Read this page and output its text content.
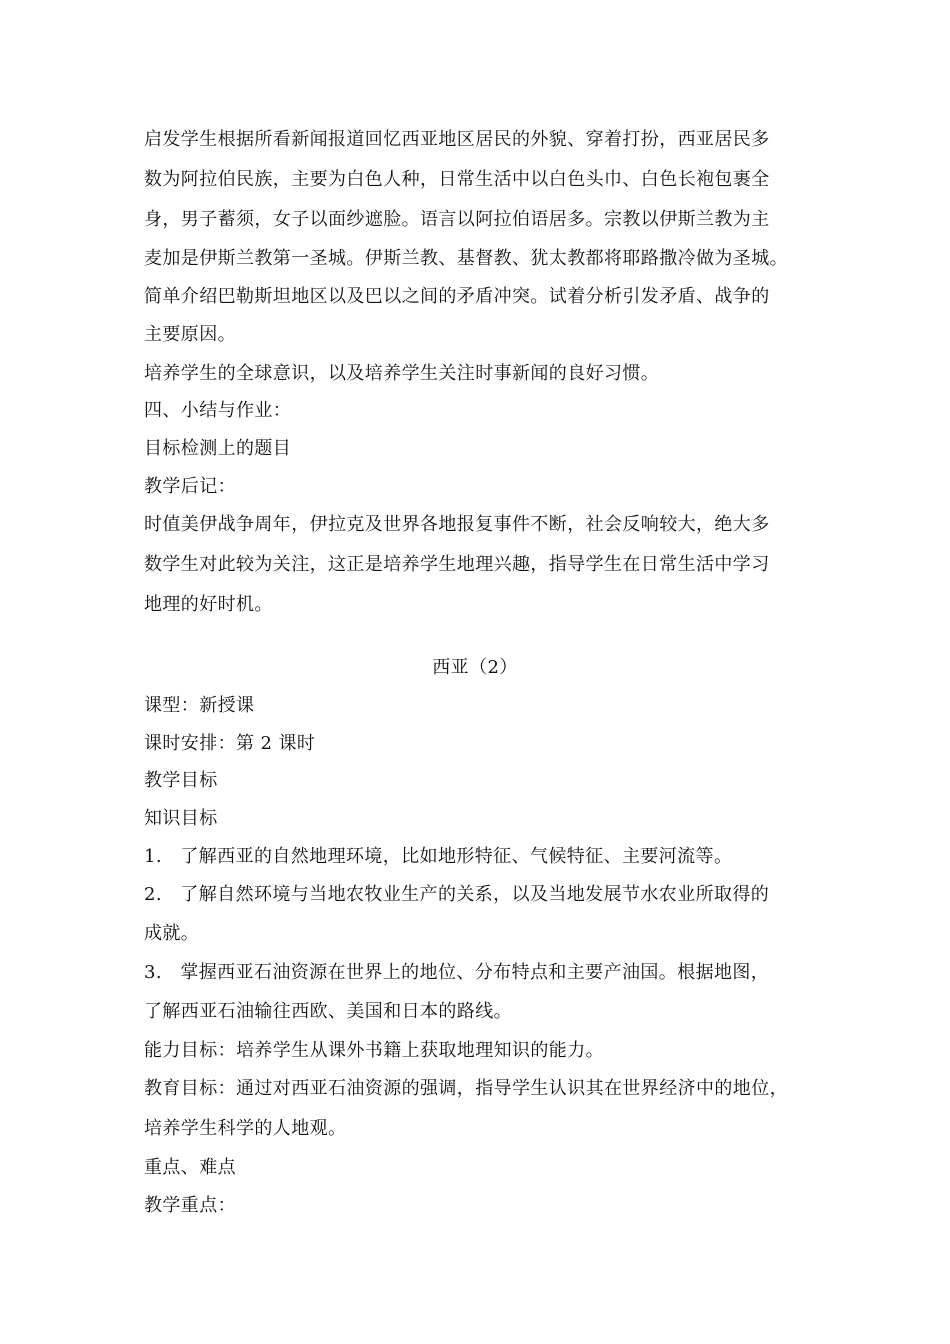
启发学生根据所看新闻报道回忆西亚地区居民的外貌、穿着打扮，西亚居民多
数为阿拉伯民族，主要为白色人种，日常生活中以白色头巾、白色长袍包裹全
身，男子蓄须，女子以面纱遮脸。语言以阿拉伯语居多。宗教以伊斯兰教为主
麦加是伊斯兰教第一圣城。伊斯兰教、基督教、犹太教都将耶路撒冷做为圣城。
简单介绍巴勒斯坦地区以及巴以之间的矛盾冲突。试着分析引发矛盾、战争的
主要原因。
培养学生的全球意识，以及培养学生关注时事新闻的良好习惯。
四、小结与作业：
目标检测上的题目
教学后记：
时值美伊战争周年，伊拉克及世界各地报复事件不断，社会反响较大，绝大多
数学生对此较为关注，这正是培养学生地理兴趣，指导学生在日常生活中学习
地理的好时机。
西亚（2）
课型：新授课
课时安排：第 2 课时
教学目标
知识目标
1.　了解西亚的自然地理环境，比如地形特征、气候特征、主要河流等。
2.　了解自然环境与当地农牧业生产的关系，以及当地发展节水农业所取得的
成就。
3.　掌握西亚石油资源在世界上的地位、分布特点和主要产油国。根据地图，
了解西亚石油输往西欧、美国和日本的路线。
能力目标：培养学生从课外书籍上获取地理知识的能力。
教育目标：通过对西亚石油资源的强调，指导学生认识其在世界经济中的地位，
培养学生科学的人地观。
重点、难点
教学重点：
